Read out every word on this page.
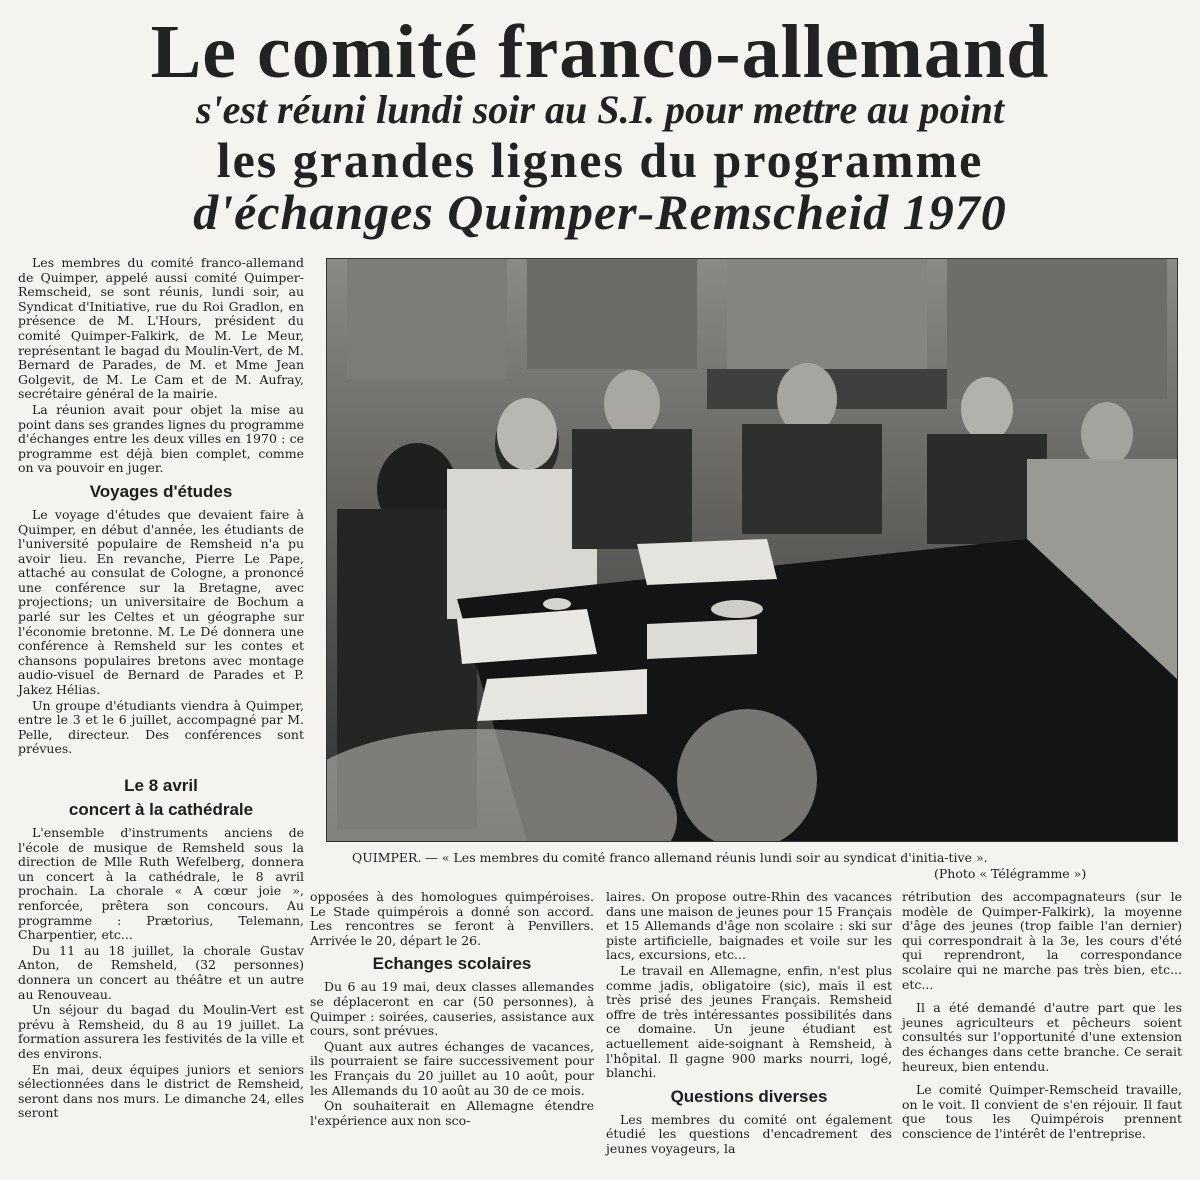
Le comité franco-allemand
s'est réuni lundi soir au S.I. pour mettre au point
les grandes lignes du programme
d'échanges Quimper-Remscheid 1970

Les membres du comité franco-allemand de Quimper, appelé aussi comité Quimper-Remscheid, se sont réunis, lundi soir, au Syndicat d'Initiative, rue du Roi Gradlon, en présence de M. L'Hours, président du comité Quimper-Falkirk, de M. Le Meur, représentant le bagad du Moulin-Vert, de M. Bernard de Parades, de M. et Mme Jean Golgevit, de M. Le Cam et de M. Aufray, secrétaire général de la mairie.

La réunion avait pour objet la mise au point dans ses grandes lignes du programme d'échanges entre les deux villes en 1970 : ce programme est déjà bien complet, comme on va pouvoir en juger.

Voyages d'études

Le voyage d'études que devaient faire à Quimper, en début d'année, les étudiants de l'université populaire de Remsheid n'a pu avoir lieu. En revanche, Pierre Le Pape, attaché au consulat de Cologne, a prononcé une conférence sur la Bretagne, avec projections; un universitaire de Bochum a parlé sur les Celtes et un géographe sur l'économie bretonne. M. Le Dé donnera une conférence à Remsheld sur les contes et chansons populaires bretons avec montage audio-visuel de Bernard de Parades et P. Jakez Hélias.

Un groupe d'étudiants viendra à Quimper, entre le 3 et le 6 juillet, accompagné par M. Pelle, directeur. Des conférences sont prévues.

Le 8 avril
concert à la cathédrale

L'ensemble d'instruments anciens de l'école de musique de Remsheld sous la direction de Mlle Ruth Wefelberg, donnera un concert à la cathédrale, le 8 avril prochain. La chorale « A cœur joie », renforcée, prêtera son concours. Au programme : Prætorius, Telemann, Charpentier, etc...

Du 11 au 18 juillet, la chorale Gustav Anton, de Remsheld, (32 personnes) donnera un concert au théâtre et un autre au Renouveau.

Un séjour du bagad du Moulin-Vert est prévu à Remsheid, du 8 au 19 juillet. La formation assurera les festivités de la ville et des environs.

En mai, deux équipes juniors et seniors sélectionnées dans le district de Remsheid, seront dans nos murs. Le dimanche 24, elles seront

QUIMPER. — « Les membres du comité franco allemand réunis lundi soir au syndicat d'initia-tive ».
(Photo « Télégramme »)

opposées à des homologues quimpéroises. Le Stade quimpérois a donné son accord. Les rencontres se feront à Penvillers. Arrivée le 20, départ le 26.

Echanges scolaires

Du 6 au 19 mai, deux classes allemandes se déplaceront en car (50 personnes), à Quimper : soirées, causeries, assistance aux cours, sont prévues.

Quant aux autres échanges de vacances, ils pourraient se faire successivement pour les Français du 20 juillet au 10 août, pour les Allemands du 10 août au 30 de ce mois.

On souhaiterait en Allemagne étendre l'expérience aux non sco-

laires. On propose outre-Rhin des vacances dans une maison de jeunes pour 15 Français et 15 Allemands d'âge non scolaire : ski sur piste artificielle, baignades et voile sur les lacs, excursions, etc...

Le travail en Allemagne, enfin, n'est plus comme jadis, obligatoire (sic), mais il est très prisé des jeunes Français. Remsheid offre de très intéressantes possibilités dans ce domaine. Un jeune étudiant est actuellement aide-soignant à Remsheid, à l'hôpital. Il gagne 900 marks nourri, logé, blanchi.

Questions diverses

Les membres du comité ont également étudié les questions d'encadrement des jeunes voyageurs, la

rétribution des accompagnateurs (sur le modèle de Quimper-Falkirk), la moyenne d'âge des jeunes (trop faible l'an dernier) qui correspondrait à la 3e, les cours d'été qui reprendront, la correspondance scolaire qui ne marche pas très bien, etc... etc...

Il a été demandé d'autre part que les jeunes agriculteurs et pêcheurs soient consultés sur l'opportunité d'une extension des échanges dans cette branche. Ce serait heureux, bien entendu.

Le comité Quimper-Remscheid travaille, on le voit. Il convient de s'en réjouir. Il faut que tous les Quimpérois prennent conscience de l'intérêt de l'entreprise.
